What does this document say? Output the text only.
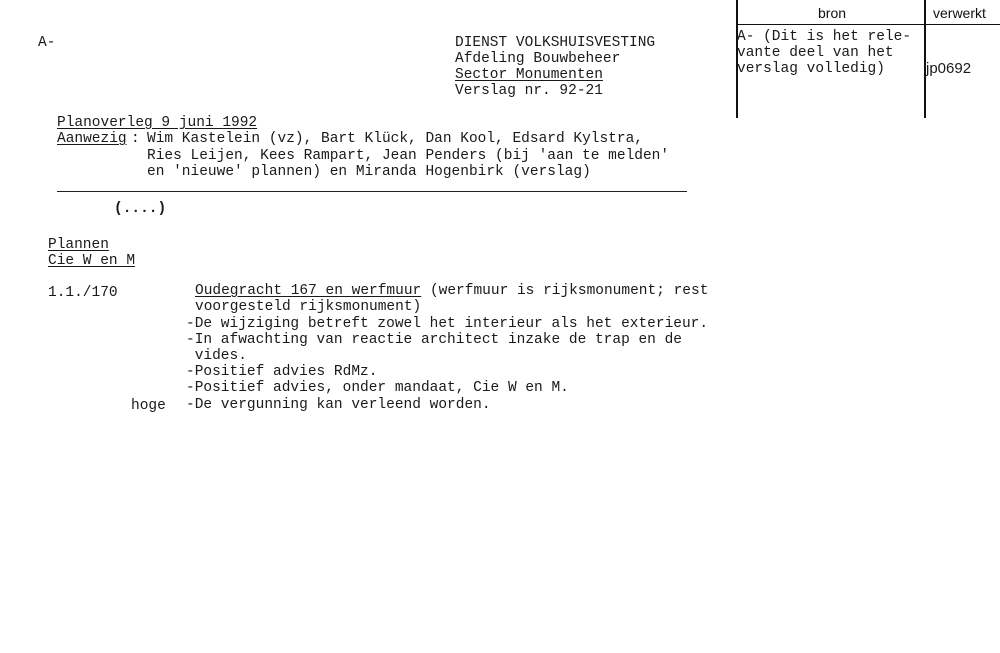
A-	DIENST VOLKSHUISVESTING
Afdeling Bouwbeheer
Sector Monumenten
Verslag nr. 92-21
bron	verwerkt
A- (Dit is het rele-
vante deel van het
verslag volledig)	jp0692
Planoverleg 9 juni 1992
Aanwezig : Wim Kastelein (vz), Bart Klück, Dan Kool, Edsard Kylstra,
Ries Leijen, Kees Rampart, Jean Penders (bij 'aan te melden'
en 'nieuwe' plannen) en Miranda Hogenbirk (verslag)
(....)
Plannen
Cie W en M
1.1./170	Oudegracht 167 en werfmuur (werfmuur is rijksmonument; rest
voorgesteld rijksmonument)
-De wijziging betreft zowel het interieur als het exterieur.
-In afwachting van reactie architect inzake de trap en de
vides.
-Positief advies RdMz.
-Positief advies, onder mandaat, Cie W en M.
hoge -De vergunning kan verleend worden.
